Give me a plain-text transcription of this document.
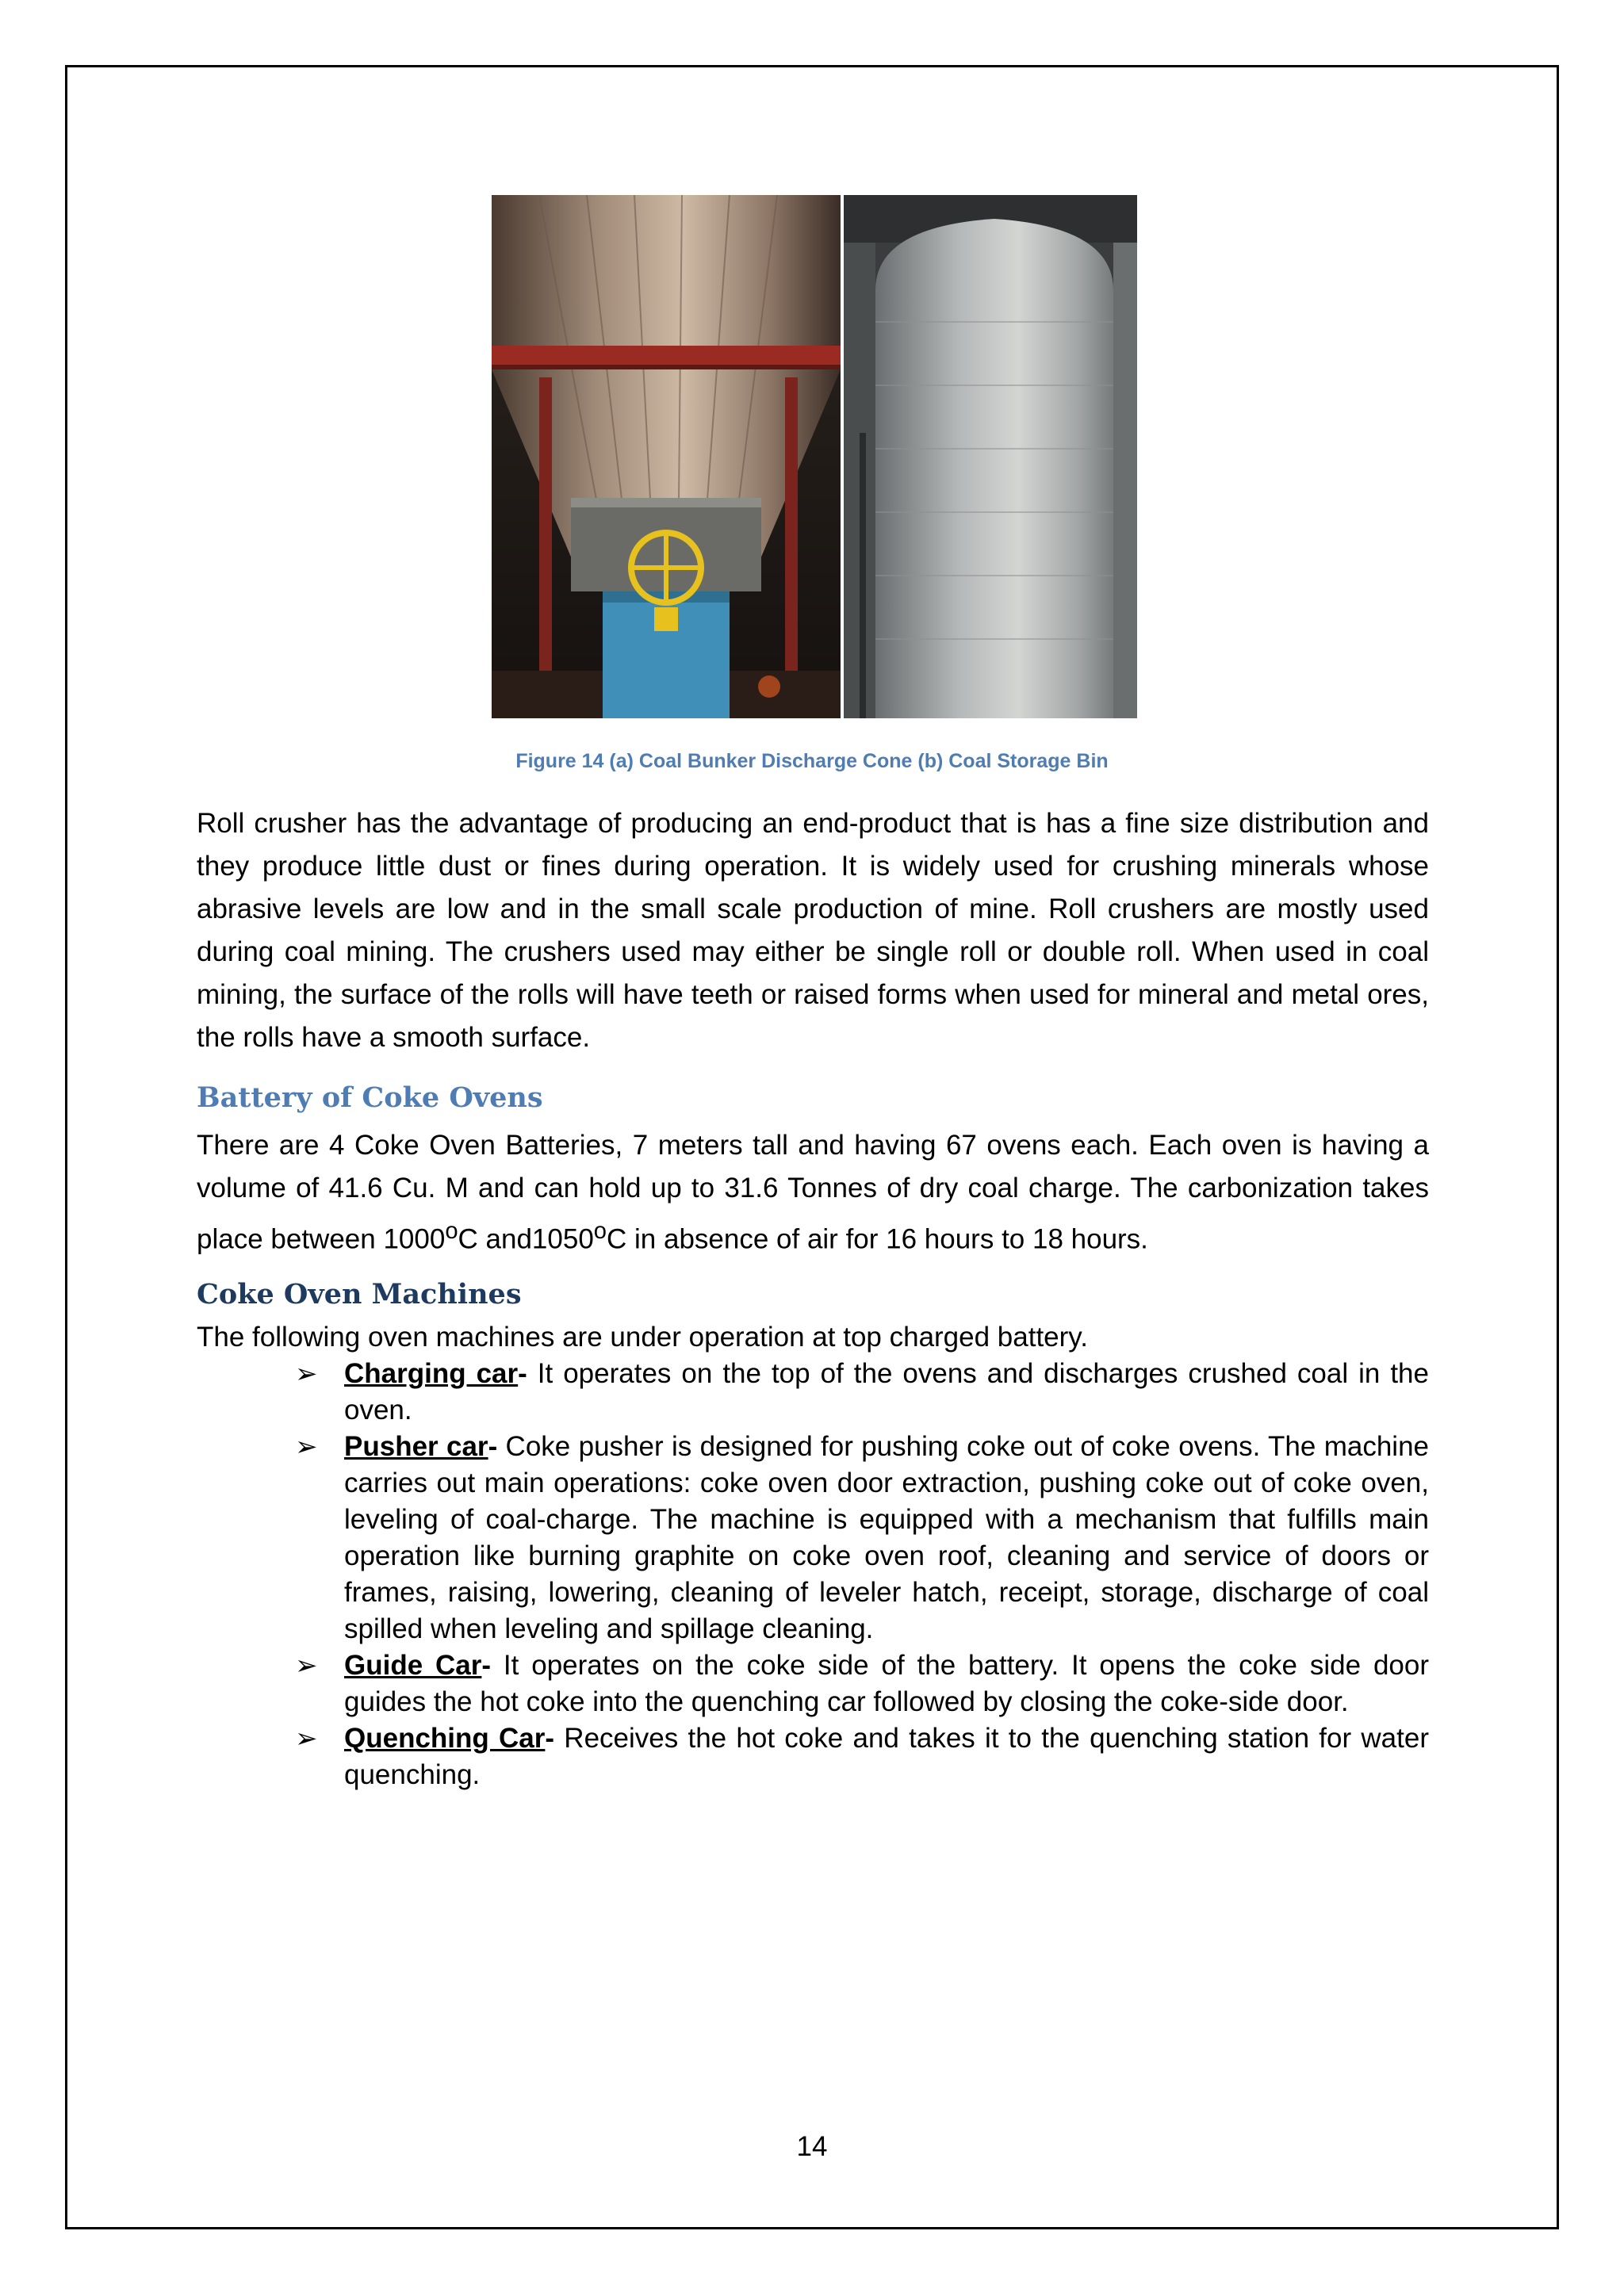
Figure 14 (a) Coal Bunker Discharge Cone (b) Coal Storage Bin

Roll crusher has the advantage of producing an end-product that is has a fine size distribution and they produce little dust or fines during operation. It is widely used for crushing minerals whose abrasive levels are low and in the small scale production of mine. Roll crushers are mostly used during coal mining. The crushers used may either be single roll or double roll. When used in coal mining, the surface of the rolls will have teeth or raised forms when used for mineral and metal ores, the rolls have a smooth surface.

Battery of Coke Ovens

There are 4 Coke Oven Batteries, 7 meters tall and having 67 ovens each. Each oven is having a volume of 41.6 Cu. M and can hold up to 31.6 Tonnes of dry coal charge. The carbonization takes place between 1000$^o$C and1050$^o$C in absence of air for 16 hours to 18 hours.

Coke Oven Machines

The following oven machines are under operation at top charged battery.

➢ Charging car- It operates on the top of the ovens and discharges crushed coal in the oven.
➢ Pusher car- Coke pusher is designed for pushing coke out of coke ovens. The machine carries out main operations: coke oven door extraction, pushing coke out of coke oven, leveling of coal-charge. The machine is equipped with a mechanism that fulfills main operation like burning graphite on coke oven roof, cleaning and service of doors or frames, raising, lowering, cleaning of leveler hatch, receipt, storage, discharge of coal spilled when leveling and spillage cleaning.
➢ Guide Car- It operates on the coke side of the battery. It opens the coke side door guides the hot coke into the quenching car followed by closing the coke-side door.
➢ Quenching Car- Receives the hot coke and takes it to the quenching station for water quenching.
14
